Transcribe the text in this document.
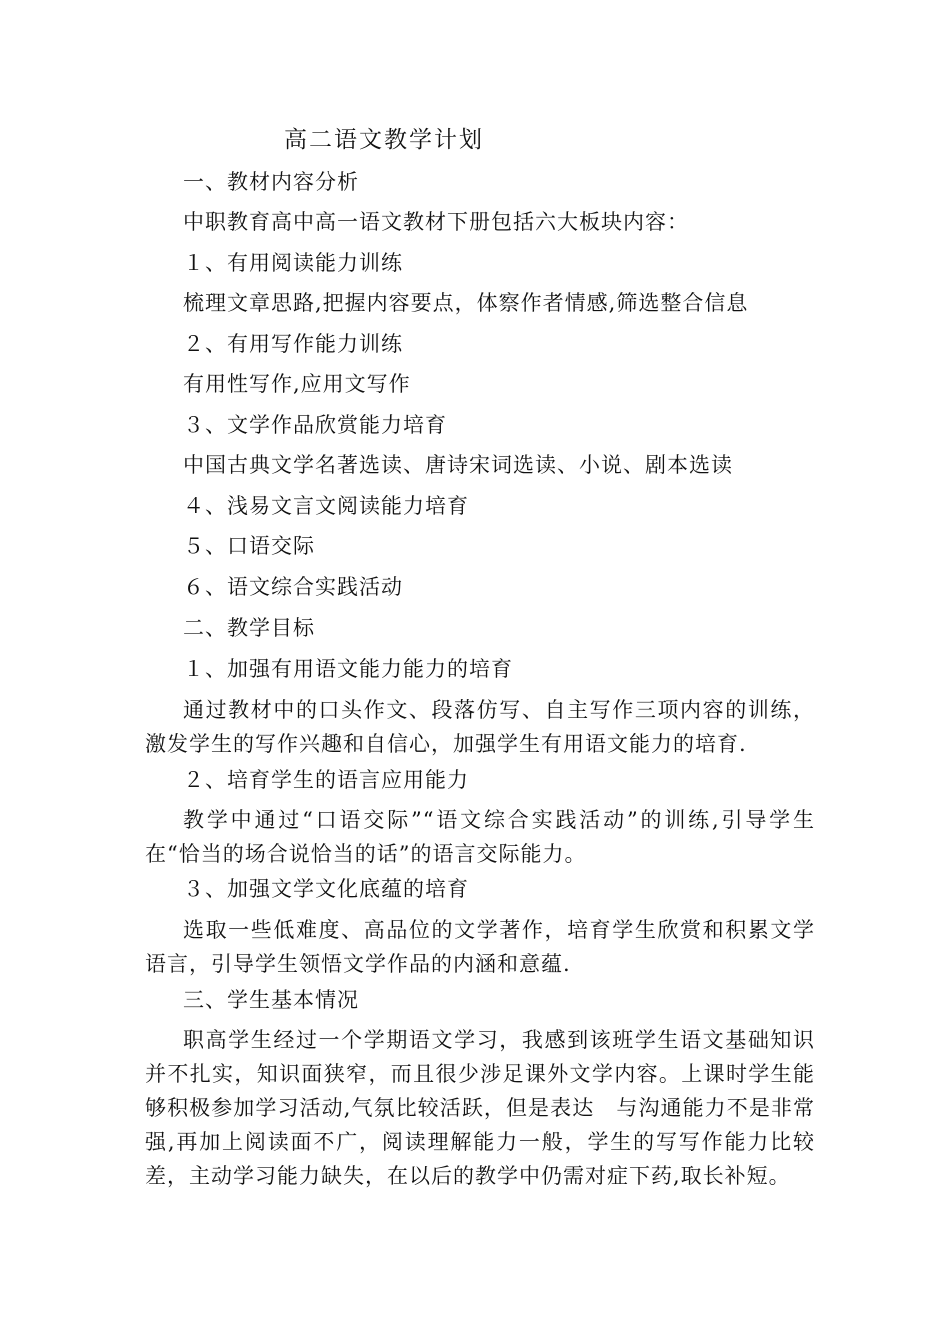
高二语文教学计划
一、教材内容分析
中职教育高中高一语文教材下册包括六大板块内容：
１、有用阅读能力训练
梳理文章思路,把握内容要点，体察作者情感,筛选整合信息
２、有用写作能力训练
有用性写作,应用文写作
３、文学作品欣赏能力培育
中国古典文学名著选读、唐诗宋词选读、小说、剧本选读
４、浅易文言文阅读能力培育
５、口语交际
６、语文综合实践活动
二、教学目标
１、加强有用语文能力能力的培育
通过教材中的口头作文、段落仿写、自主写作三项内容的训练，激发学生的写作兴趣和自信心，加强学生有用语文能力的培育.
２、培育学生的语言应用能力
教学中通过“口语交际”“语文综合实践活动”的训练,引导学生在“恰当的场合说恰当的话”的语言交际能力。
３、加强文学文化底蕴的培育
选取一些低难度、高品位的文学著作，培育学生欣赏和积累文学语言，引导学生领悟文学作品的内涵和意蕴.
三、学生基本情况
职高学生经过一个学期语文学习，我感到该班学生语文基础知识并不扎实，知识面狭窄，而且很少涉足课外文学内容。上课时学生能够积极参加学习活动,气氛比较活跃，但是表达　与沟通能力不是非常强,再加上阅读面不广，阅读理解能力一般，学生的写写作能力比较差，主动学习能力缺失，在以后的教学中仍需对症下药,取长补短。
